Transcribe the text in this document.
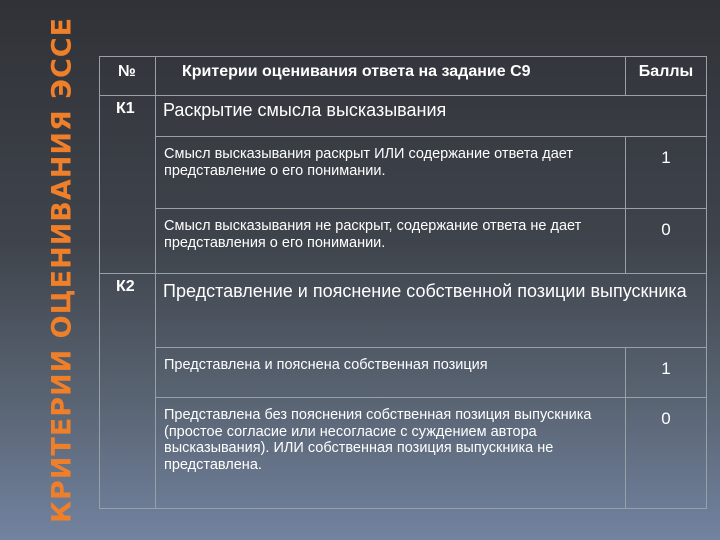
КРИТЕРИИ ОЦЕНИВАНИЯ ЭССЕ	№	Критерии оценивания ответа на задание С9	Баллы
К1	Раскрытие смысла высказывания	
	Смысл высказывания раскрыт ИЛИ содержание ответа дает представление о его понимании.	1
	Смысл высказывания не раскрыт, содержание ответа не дает представления о его понимании.	0
К2	Представление и пояснение собственной позиции выпускника	
	Представлена и пояснена собственная позиция	1
	Представлена без пояснения собственная позиция выпускника (простое согласие или несогласие с суждением автора высказывания). ИЛИ собственная позиция выпускника не представлена.	0
